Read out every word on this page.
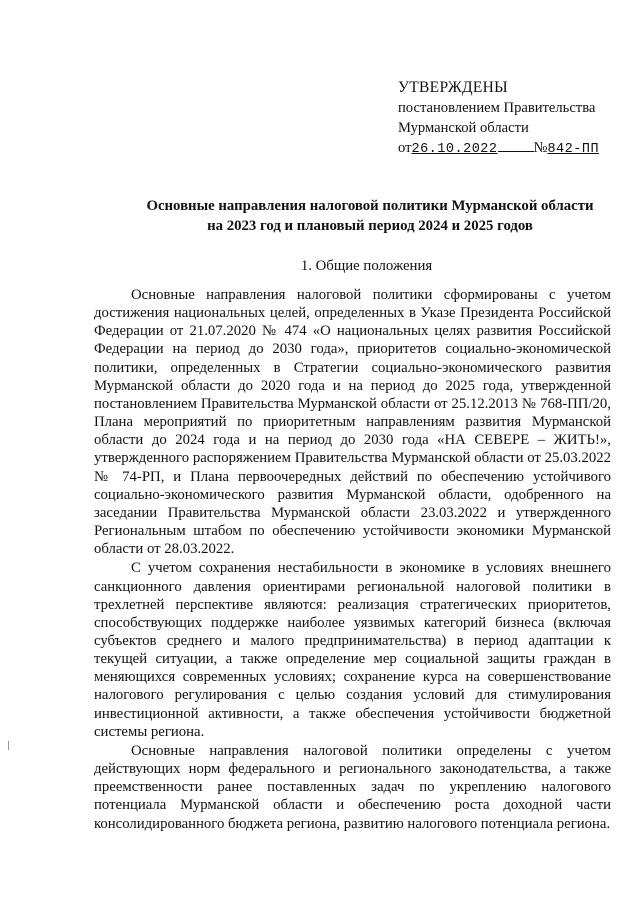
УТВЕРЖДЕНЫ
постановлением Правительства
Мурманской области
от26.10.2022 №842-ПП
Основные направления налоговой политики Мурманской области
на 2023 год и плановый период 2024 и 2025 годов
1. Общие положения

Основные направления налоговой политики сформированы с учетом достижения национальных целей, определенных в Указе Президента Российской Федерации от 21.07.2020 № 474 «О национальных целях развития Российской Федерации на период до 2030 года», приоритетов социально-экономической политики, определенных в Стратегии социально-экономического развития Мурманской области до 2020 года и на период до 2025 года, утвержденной постановлением Правительства Мурманской области от 25.12.2013 № 768-ПП/20, Плана мероприятий по приоритетным направлениям развития Мурманской области до 2024 года и на период до 2030 года «НА СЕВЕРЕ – ЖИТЬ!», утвержденного распоряжением Правительства Мурманской области от 25.03.2022 № 74-РП, и Плана первоочередных действий по обеспечению устойчивого социально-экономического развития Мурманской области, одобренного на заседании Правительства Мурманской области 23.03.2022 и утвержденного Региональным штабом по обеспечению устойчивости экономики Мурманской области от 28.03.2022.

С учетом сохранения нестабильности в экономике в условиях внешнего санкционного давления ориентирами региональной налоговой политики в трехлетней перспективе являются: реализация стратегических приоритетов, способствующих поддержке наиболее уязвимых категорий бизнеса (включая субъектов среднего и малого предпринимательства) в период адаптации к текущей ситуации, а также определение мер социальной защиты граждан в меняющихся современных условиях; сохранение курса на совершенствование налогового регулирования с целью создания условий для стимулирования инвестиционной активности, а также обеспечения устойчивости бюджетной системы региона.

Основные направления налоговой политики определены с учетом действующих норм федерального и регионального законодательства, а также преемственности ранее поставленных задач по укреплению налогового потенциала Мурманской области и обеспечению роста доходной части консолидированного бюджета региона, развитию налогового потенциала региона.
